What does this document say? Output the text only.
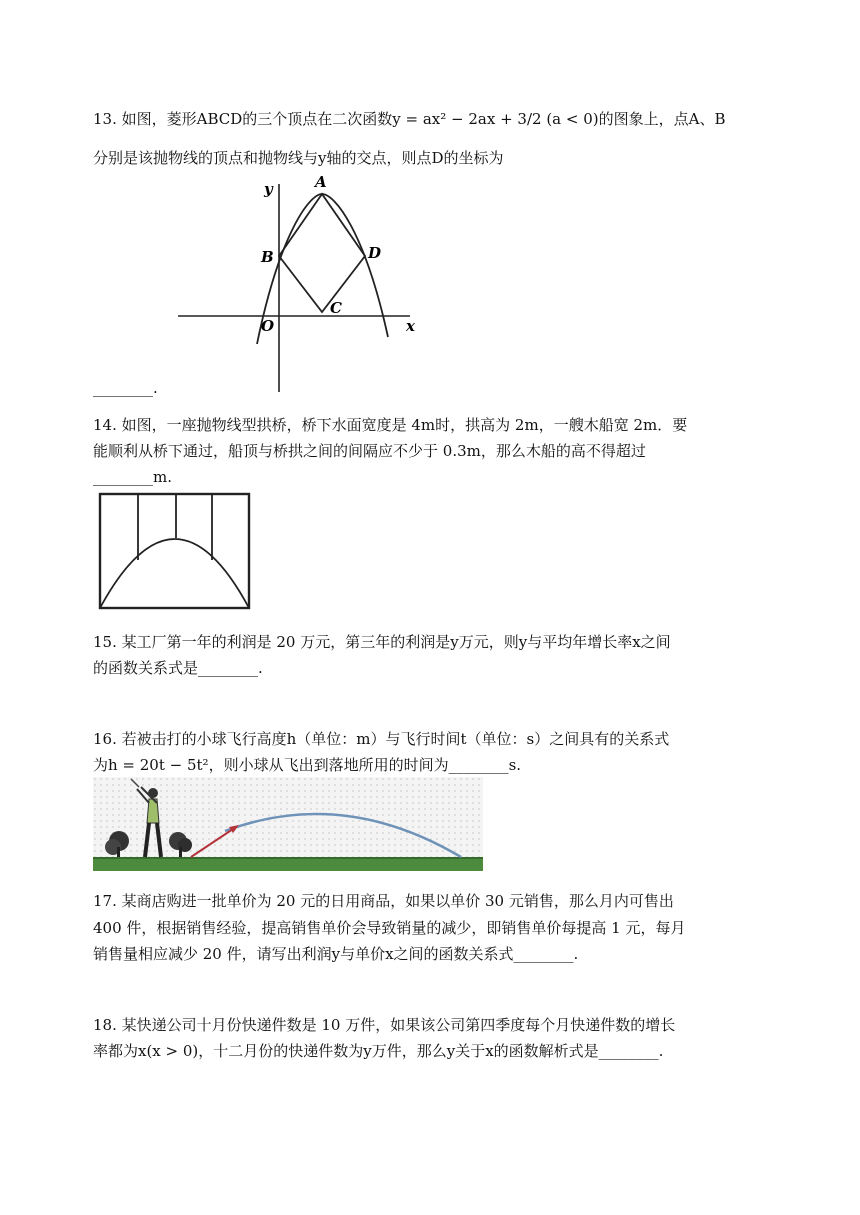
13. 如图，菱形ABCD的三个顶点在二次函数y = ax² − 2ax + 3/2 (a < 0)的图象上，点A、B
分别是该抛物线的顶点和抛物线与y轴的交点，则点D的坐标为
y	A
B	D
C
O	x
________.
14. 如图，一座抛物线型拱桥，桥下水面宽度是 4m时，拱高为 2m，一艘木船宽 2m．要
能顺利从桥下通过，船顶与桥拱之间的间隔应不少于 0.3m，那么木船的高不得超过
________m.
15. 某工厂第一年的利润是 20 万元，第三年的利润是y万元，则y与平均年增长率x之间
的函数关系式是________.
16. 若被击打的小球飞行高度h（单位：m）与飞行时间t（单位：s）之间具有的关系式
为h = 20t − 5t²，则小球从飞出到落地所用的时间为________s.
17. 某商店购进一批单价为 20 元的日用商品，如果以单价 30 元销售，那么月内可售出
400 件，根据销售经验，提高销售单价会导致销量的减少，即销售单价每提高 1 元，每月
销售量相应减少 20 件，请写出利润y与单价x之间的函数关系式________.
18. 某快递公司十月份快递件数是 10 万件，如果该公司第四季度每个月快递件数的增长
率都为x(x > 0)，十二月份的快递件数为y万件，那么y关于x的函数解析式是________.
